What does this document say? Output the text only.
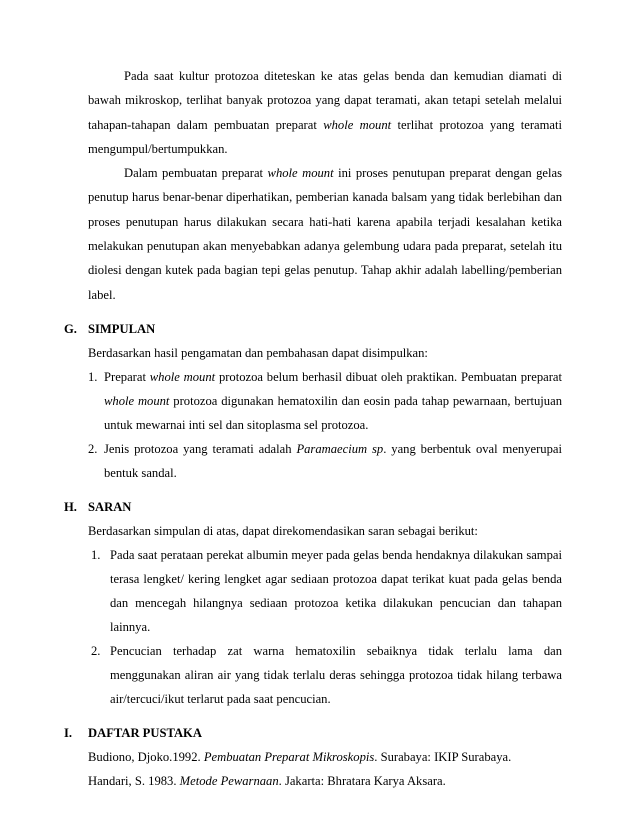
Pada saat kultur protozoa diteteskan ke atas gelas benda dan kemudian diamati di bawah mikroskop, terlihat banyak protozoa yang dapat teramati, akan tetapi setelah melalui tahapan-tahapan dalam pembuatan preparat whole mount terlihat protozoa yang teramati mengumpul/bertumpukkan.

Dalam pembuatan preparat whole mount ini proses penutupan preparat dengan gelas penutup harus benar-benar diperhatikan, pemberian kanada balsam yang tidak berlebihan dan proses penutupan harus dilakukan secara hati-hati karena apabila terjadi kesalahan ketika melakukan penutupan akan menyebabkan adanya gelembung udara pada preparat, setelah itu diolesi dengan kutek pada bagian tepi gelas penutup. Tahap akhir adalah labelling/pemberian label.

G. SIMPULAN

Berdasarkan hasil pengamatan dan pembahasan dapat disimpulkan:

1. Preparat whole mount protozoa belum berhasil dibuat oleh praktikan. Pembuatan preparat whole mount protozoa digunakan hematoxilin dan eosin pada tahap pewarnaan, bertujuan untuk mewarnai inti sel dan sitoplasma sel protozoa.
2. Jenis protozoa yang teramati adalah Paramaecium sp. yang berbentuk oval menyerupai bentuk sandal.
H. SARAN

Berdasarkan simpulan di atas, dapat direkomendasikan saran sebagai berikut:

1. Pada saat perataan perekat albumin meyer pada gelas benda hendaknya dilakukan sampai terasa lengket/ kering lengket agar sediaan protozoa dapat terikat kuat pada gelas benda dan mencegah hilangnya sediaan protozoa ketika dilakukan pencucian dan tahapan lainnya.
2. Pencucian terhadap zat warna hematoxilin sebaiknya tidak terlalu lama dan menggunakan aliran air yang tidak terlalu deras sehingga protozoa tidak hilang terbawa air/tercuci/ikut terlarut pada saat pencucian.
I. DAFTAR PUSTAKA

Budiono, Djoko.1992. Pembuatan Preparat Mikroskopis. Surabaya: IKIP Surabaya.

Handari, S. 1983. Metode Pewarnaan. Jakarta: Bhratara Karya Aksara.
